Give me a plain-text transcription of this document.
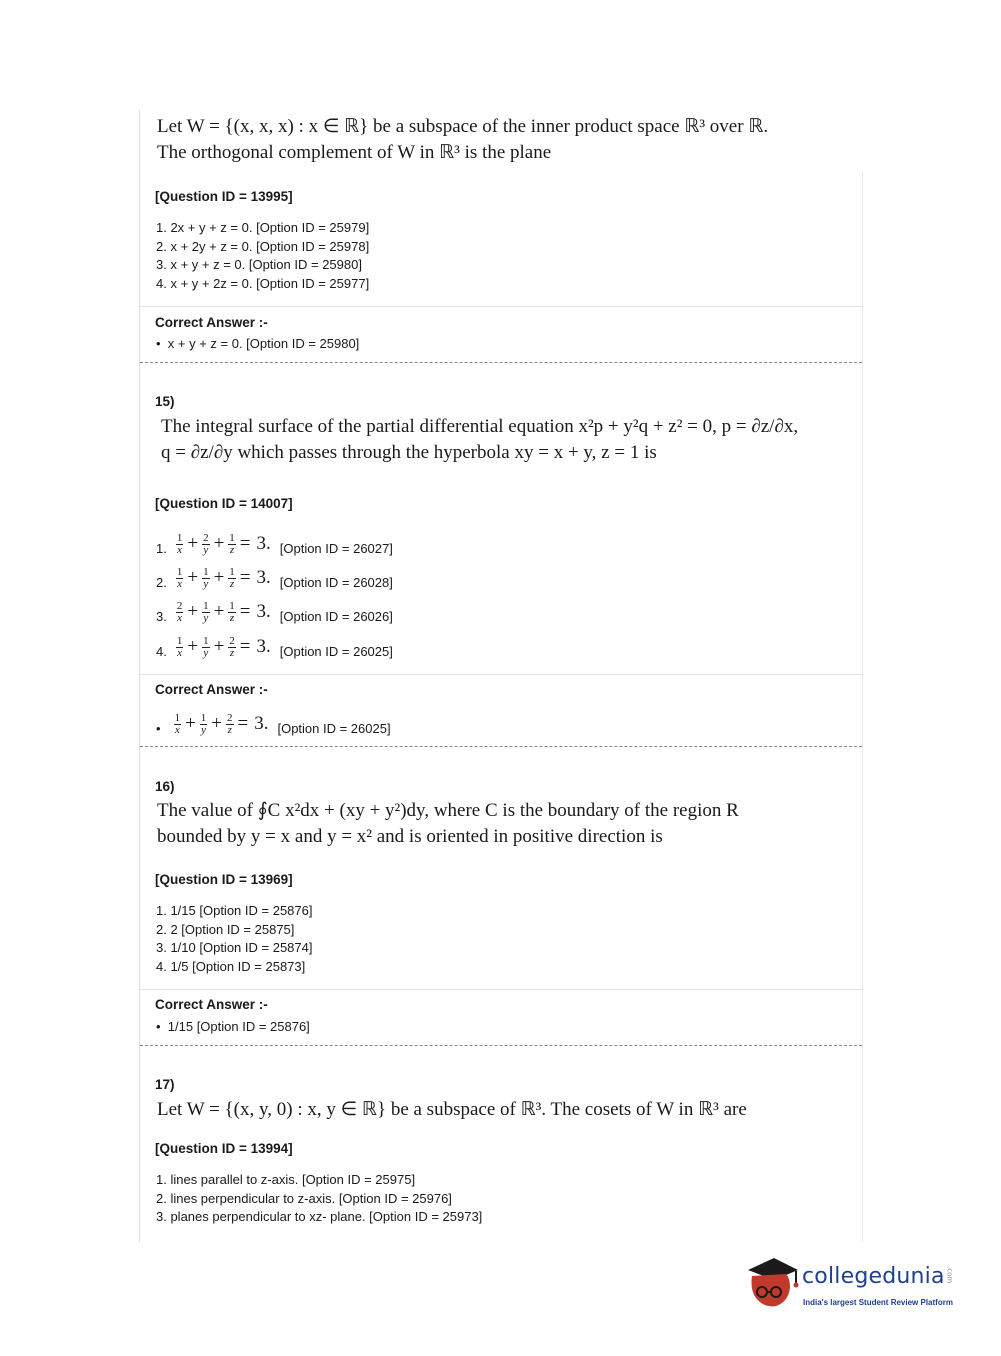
Let W = {(x, x, x) : x ∈ ℝ} be a subspace of the inner product space ℝ³ over ℝ.
The orthogonal complement of W in ℝ³ is the plane
[Question ID = 13995]
1. 2x + y + z = 0. [Option ID = 25979]
2. x + 2y + z = 0. [Option ID = 25978]
3. x + y + z = 0. [Option ID = 25980]
4. x + y + 2z = 0. [Option ID = 25977]
Correct Answer :-
•  x + y + z = 0. [Option ID = 25980]
15)
The integral surface of the partial differential equation x²p + y²q + z² = 0, p = ∂z/∂x,
q = ∂z/∂y which passes through the hyperbola xy = x + y, z = 1 is
[Question ID = 14007]
1. $\frac{1}{x} + \frac{2}{y} + \frac{1}{z} = 3$. [Option ID = 26027]
2. $\frac{1}{x} + \frac{1}{y} + \frac{1}{z} = 3$. [Option ID = 26028]
3. $\frac{2}{x} + \frac{1}{y} + \frac{1}{z} = 3$. [Option ID = 26026]
4. $\frac{1}{x} + \frac{1}{y} + \frac{2}{z} = 3$. [Option ID = 26025]
Correct Answer :-
• $\frac{1}{x} + \frac{1}{y} + \frac{2}{z} = 3$. [Option ID = 26025]
16)
The value of ∮C x²dx + (xy + y²)dy, where C is the boundary of the region R
bounded by y = x and y = x² and is oriented in positive direction is
[Question ID = 13969]
1. 1/15 [Option ID = 25876]
2. 2 [Option ID = 25875]
3. 1/10 [Option ID = 25874]
4. 1/5 [Option ID = 25873]
Correct Answer :-
•  1/15 [Option ID = 25876]
17)
Let W = {(x, y, 0) : x, y ∈ ℝ} be a subspace of ℝ³. The cosets of W in ℝ³ are
[Question ID = 13994]
1. lines parallel to z-axis. [Option ID = 25975]
2. lines perpendicular to z-axis. [Option ID = 25976]
3. planes perpendicular to xz- plane. [Option ID = 25973]
collegedunia.com
India's largest Student Review Platform
